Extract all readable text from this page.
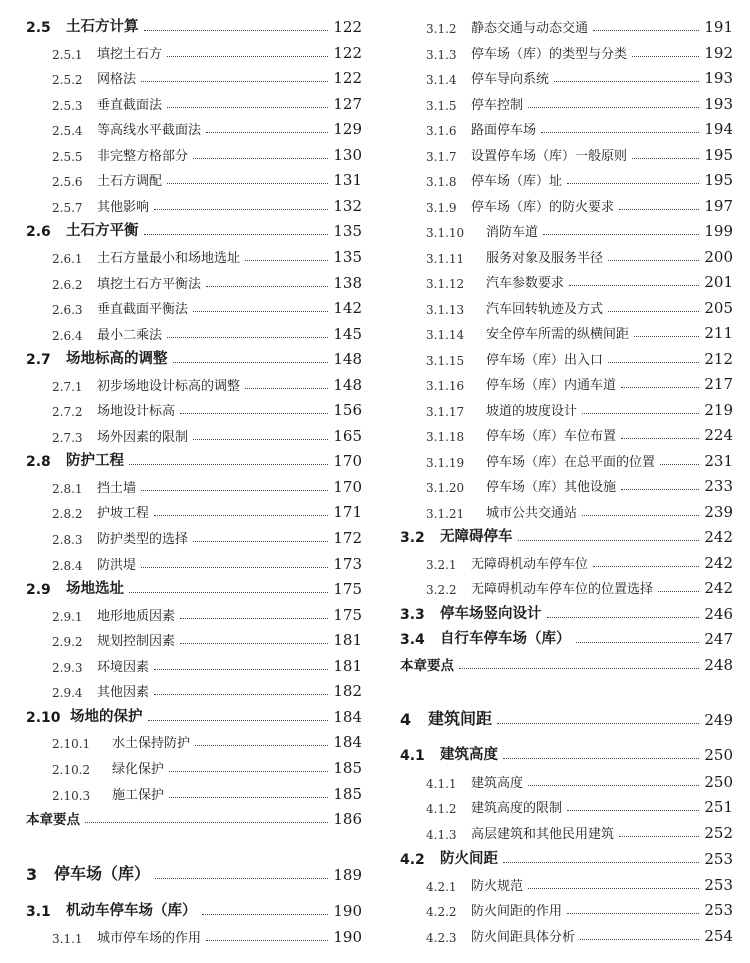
2.5	土石方计算	122
2.5.1	填挖土石方	122
2.5.2	网格法	122
2.5.3	垂直截面法	127
2.5.4	等高线水平截面法	129
2.5.5	非完整方格部分	130
2.5.6	土石方调配	131
2.5.7	其他影响	132
2.6	土石方平衡	135
2.6.1	土石方量最小和场地选址	135
2.6.2	填挖土石方平衡法	138
2.6.3	垂直截面平衡法	142
2.6.4	最小二乘法	145
2.7	场地标高的调整	148
2.7.1	初步场地设计标高的调整	148
2.7.2	场地设计标高	156
2.7.3	场外因素的限制	165
2.8	防护工程	170
2.8.1	挡土墙	170
2.8.2	护坡工程	171
2.8.3	防护类型的选择	172
2.8.4	防洪堤	173
2.9	场地选址	175
2.9.1	地形地质因素	175
2.9.2	规划控制因素	181
2.9.3	环境因素	181
2.9.4	其他因素	182
2.10 场地的保护	184
2.10.1	水土保持防护	184
2.10.2	绿化保护	185
2.10.3	施工保护	185
本章要点	186
3	停车场（库）	189
3.1	机动车停车场（库）	190
3.1.1	城市停车场的作用	190
3.1.2	静态交通与动态交通	191
3.1.3	停车场（库）的类型与分类	192
3.1.4	停车导向系统	193
3.1.5	停车控制	193
3.1.6	路面停车场	194
3.1.7	设置停车场（库）一般原则	195
3.1.8	停车场（库）址	195
3.1.9	停车场（库）的防火要求	197
3.1.10	消防车道	199
3.1.11	服务对象及服务半径	200
3.1.12	汽车参数要求	201
3.1.13	汽车回转轨迹及方式	205
3.1.14	安全停车所需的纵横间距	211
3.1.15	停车场（库）出入口	212
3.1.16	停车场（库）内通车道	217
3.1.17	坡道的坡度设计	219
3.1.18	停车场（库）车位布置	224
3.1.19	停车场（库）在总平面的位置	231
3.1.20	停车场（库）其他设施	233
3.1.21	城市公共交通站	239
3.2	无障碍停车	242
3.2.1	无障碍机动车停车位	242
3.2.2	无障碍机动车停车位的位置选择	242
3.3	停车场竖向设计	246
3.4	自行车停车场（库）	247
本章要点	248
4	建筑间距	249
4.1	建筑高度	250
4.1.1	建筑高度	250
4.1.2	建筑高度的限制	251
4.1.3	高层建筑和其他民用建筑	252
4.2	防火间距	253
4.2.1	防火规范	253
4.2.2	防火间距的作用	253
4.2.3	防火间距具体分析	254
